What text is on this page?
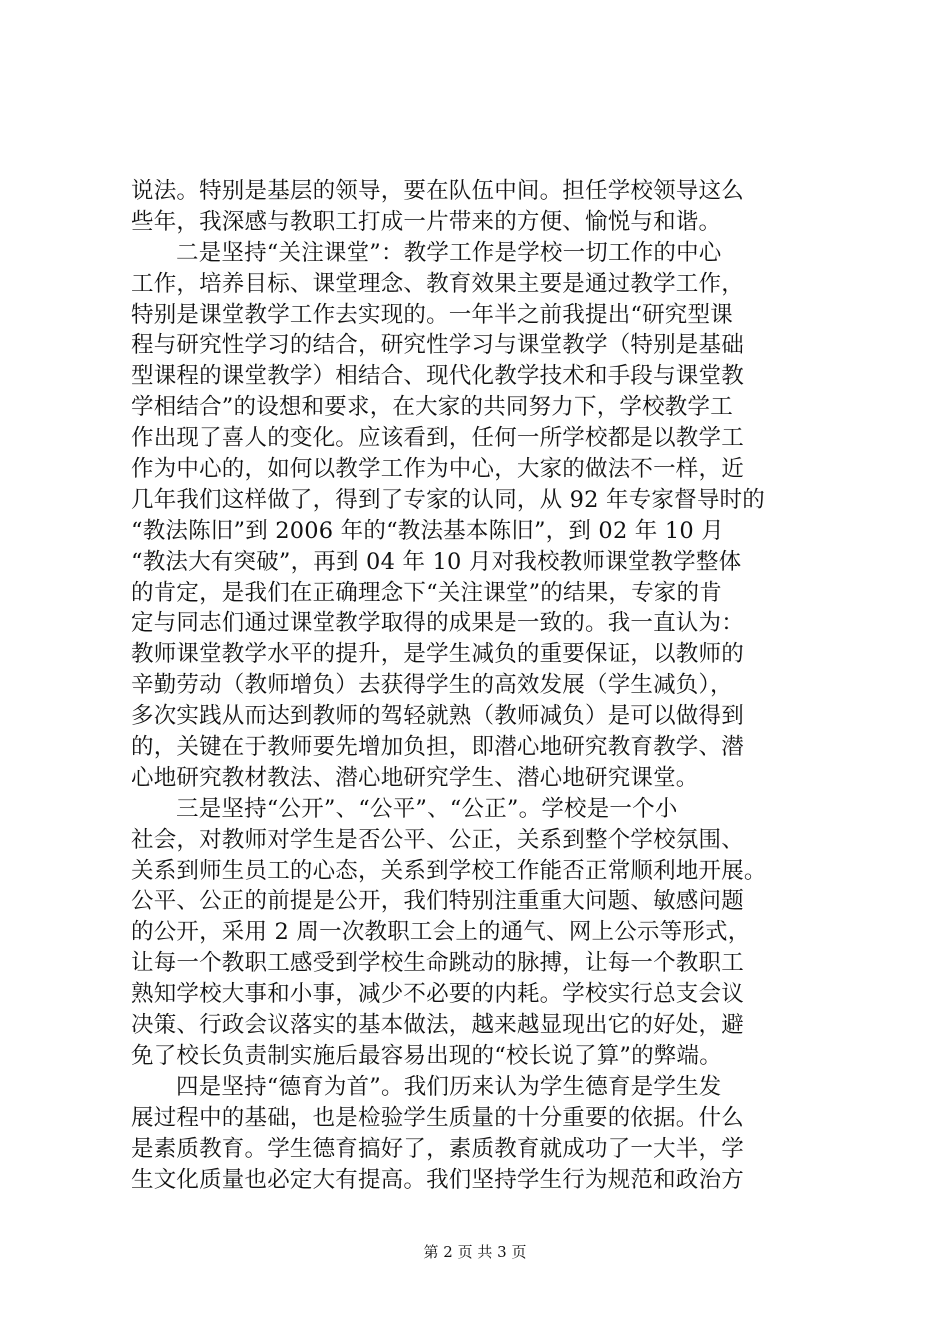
说法。特别是基层的领导，要在队伍中间。担任学校领导这么
些年，我深感与教职工打成一片带来的方便、愉悦与和谐。
二是坚持“关注课堂”：教学工作是学校一切工作的中心
工作，培养目标、课堂理念、教育效果主要是通过教学工作，
特别是课堂教学工作去实现的。一年半之前我提出“研究型课
程与研究性学习的结合，研究性学习与课堂教学（特别是基础
型课程的课堂教学）相结合、现代化教学技术和手段与课堂教
学相结合”的设想和要求，在大家的共同努力下，学校教学工
作出现了喜人的变化。应该看到，任何一所学校都是以教学工
作为中心的，如何以教学工作为中心，大家的做法不一样，近
几年我们这样做了，得到了专家的认同，从 92 年专家督导时的
“教法陈旧”到 2006 年的“教法基本陈旧”，到 02 年 10 月
“教法大有突破”，再到 04 年 10 月对我校教师课堂教学整体
的肯定，是我们在正确理念下“关注课堂”的结果，专家的肯
定与同志们通过课堂教学取得的成果是一致的。我一直认为：
教师课堂教学水平的提升，是学生减负的重要保证，以教师的
辛勤劳动（教师增负）去获得学生的高效发展（学生减负），
多次实践从而达到教师的驾轻就熟（教师减负）是可以做得到
的，关键在于教师要先增加负担，即潜心地研究教育教学、潜
心地研究教材教法、潜心地研究学生、潜心地研究课堂。
三是坚持“公开”、“公平”、“公正”。学校是一个小
社会，对教师对学生是否公平、公正，关系到整个学校氛围、
关系到师生员工的心态，关系到学校工作能否正常顺利地开展。
公平、公正的前提是公开，我们特别注重重大问题、敏感问题
的公开，采用 2 周一次教职工会上的通气、网上公示等形式，
让每一个教职工感受到学校生命跳动的脉搏，让每一个教职工
熟知学校大事和小事，减少不必要的内耗。学校实行总支会议
决策、行政会议落实的基本做法，越来越显现出它的好处，避
免了校长负责制实施后最容易出现的“校长说了算”的弊端。
四是坚持“德育为首”。我们历来认为学生德育是学生发
展过程中的基础，也是检验学生质量的十分重要的依据。什么
是素质教育。学生德育搞好了，素质教育就成功了一大半，学
生文化质量也必定大有提高。我们坚持学生行为规范和政治方
第 2 页 共 3 页
